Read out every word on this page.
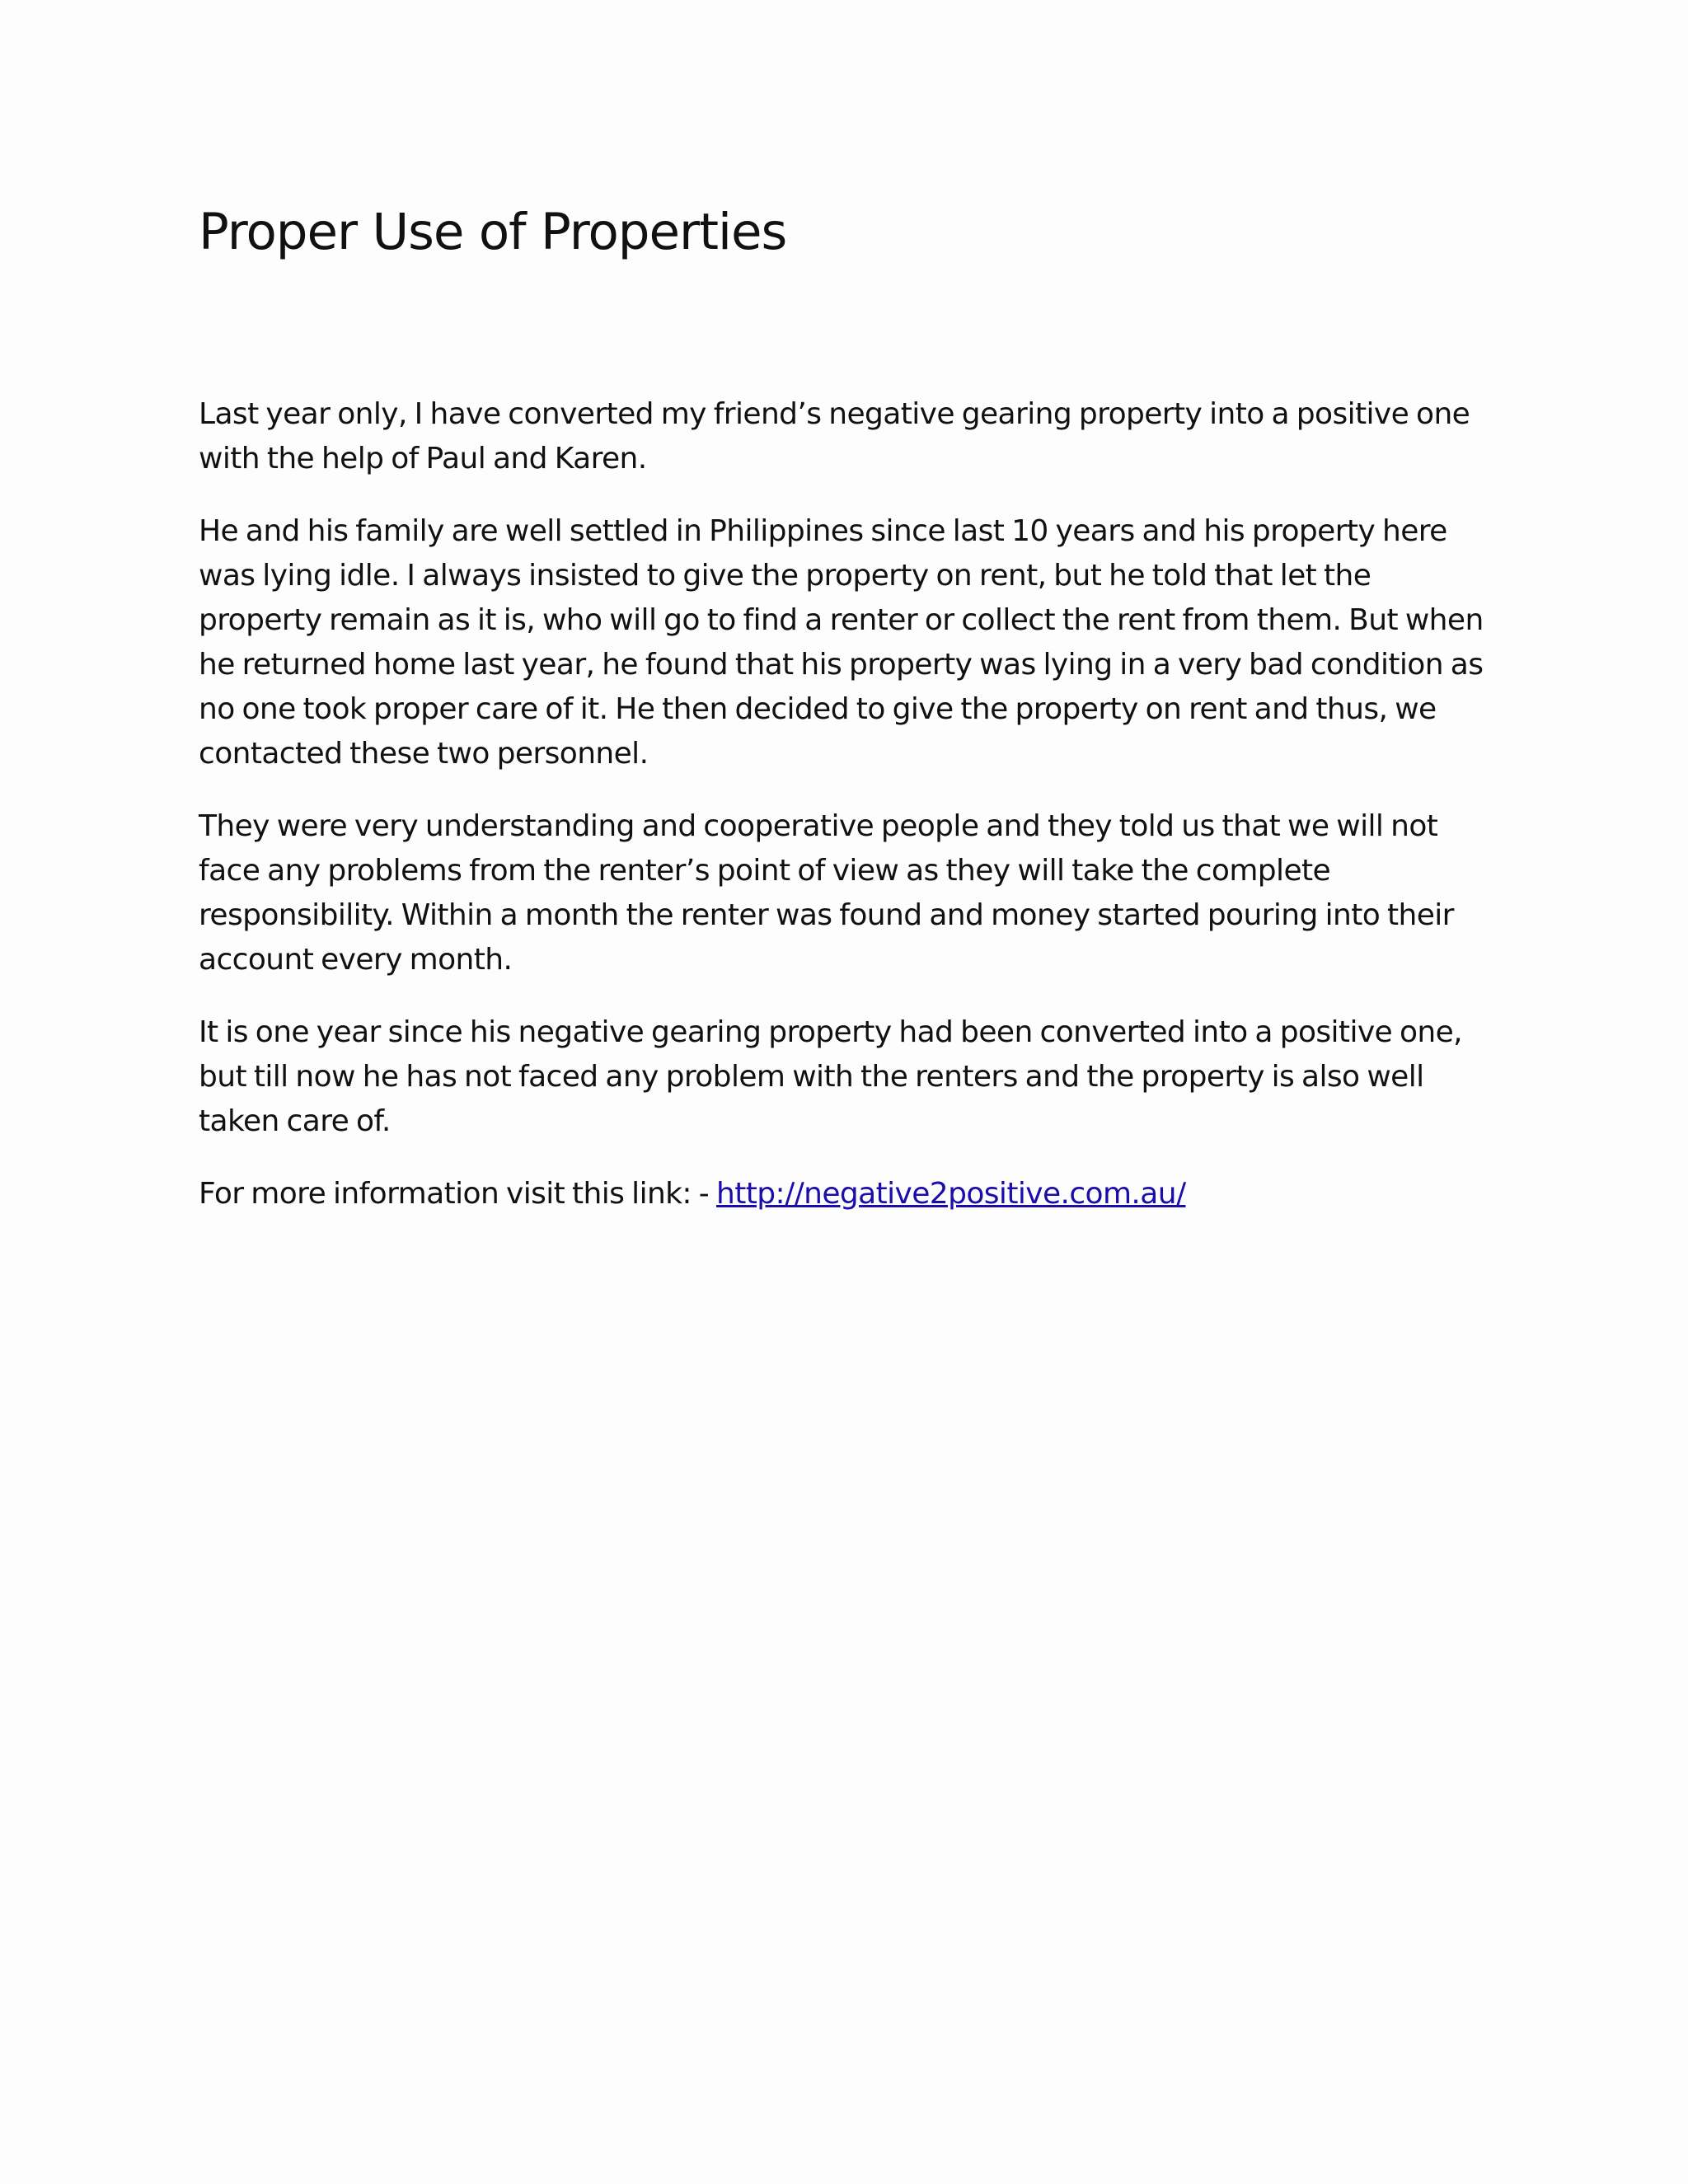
Proper Use of Properties

Last year only, I have converted my friend’s negative gearing property into a positive one with the help of Paul and Karen.

He and his family are well settled in Philippines since last 10 years and his property here was lying idle. I always insisted to give the property on rent, but he told that let the property remain as it is, who will go to find a renter or collect the rent from them. But when he returned home last year, he found that his property was lying in a very bad condition as no one took proper care of it. He then decided to give the property on rent and thus, we contacted these two personnel.

They were very understanding and cooperative people and they told us that we will not face any problems from the renter’s point of view as they will take the complete responsibility. Within a month the renter was found and money started pouring into their account every month.

It is one year since his negative gearing property had been converted into a positive one, but till now he has not faced any problem with the renters and the property is also well taken care of.

For more information visit this link: - http://negative2positive.com.au/
